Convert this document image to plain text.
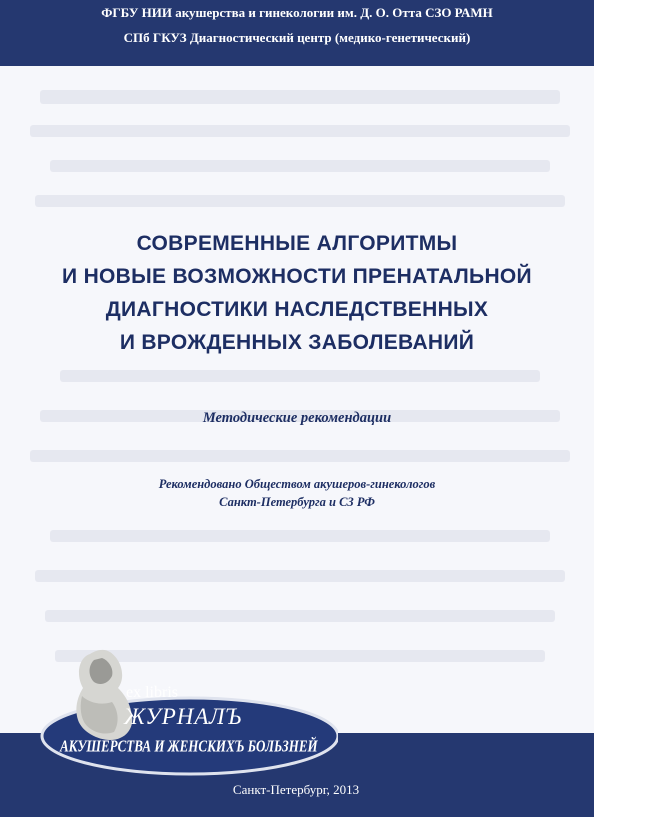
ФГБУ НИИ акушерства и гинекологии им. Д. О. Отта СЗО РАМН
СПб ГКУЗ Диагностический центр (медико-генетический)
СОВРЕМЕННЫЕ АЛГОРИТМЫ
И НОВЫЕ ВОЗМОЖНОСТИ ПРЕНАТАЛЬНОЙ
ДИАГНОСТИКИ НАСЛЕДСТВЕННЫХ
И ВРОЖДЕННЫХ ЗАБОЛЕВАНИЙ
Методические рекомендации
Рекомендовано Обществом акушеров-гинекологов
Санкт-Петербурга и СЗ РФ
ex libris
ЖУРНАЛЪ
АКУШЕРСТВА И ЖЕНСКИХЪ БОЛЬЗНЕЙ
Санкт-Петербург, 2013
